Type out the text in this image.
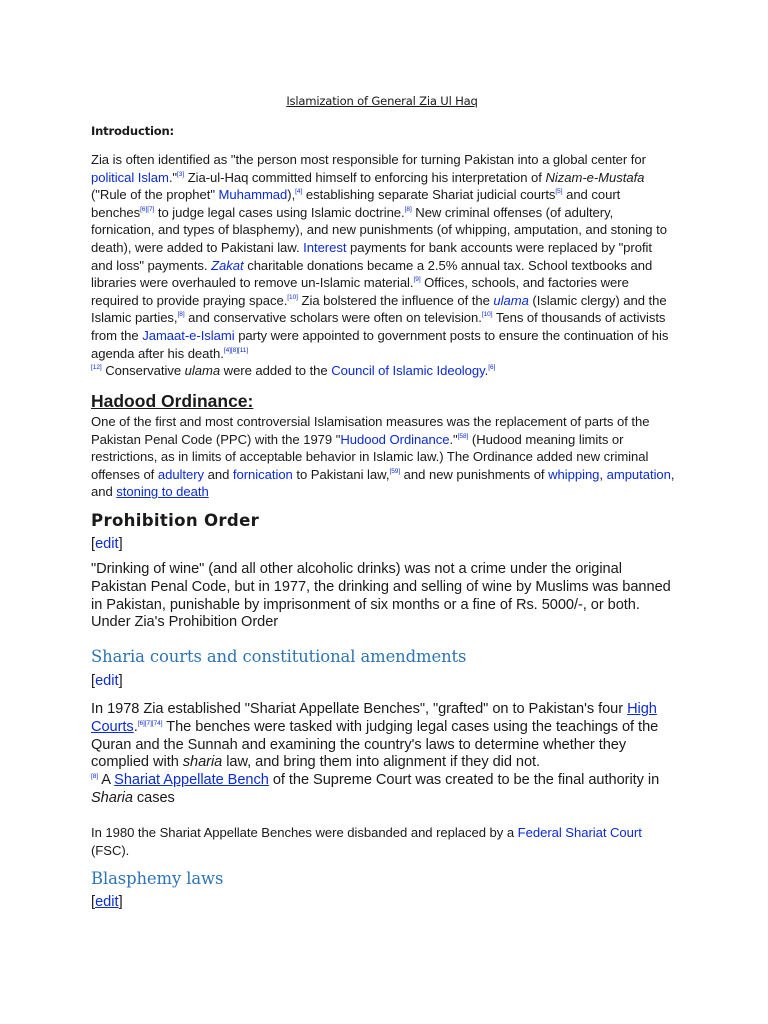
Islamization of General Zia Ul Haq
Introduction:

Zia is often identified as "the person most responsible for turning Pakistan into a global center for political Islam."[3] Zia-ul-Haq committed himself to enforcing his interpretation of Nizam-e-Mustafa ("Rule of the prophet" Muhammad),[4] establishing separate Shariat judicial courts[5] and court benches[6][7] to judge legal cases using Islamic doctrine.[8] New criminal offenses (of adultery, fornication, and types of blasphemy), and new punishments (of whipping, amputation, and stoning to death), were added to Pakistani law. Interest payments for bank accounts were replaced by "profit and loss" payments. Zakat charitable donations became a 2.5% annual tax. School textbooks and libraries were overhauled to remove un-Islamic material.[9] Offices, schools, and factories were required to provide praying space.[10] Zia bolstered the influence of the ulama (Islamic clergy) and the Islamic parties,[8] and conservative scholars were often on television.[10] Tens of thousands of activists from the Jamaat-e-Islami party were appointed to government posts to ensure the continuation of his agenda after his death.[4][8][11]
[12] Conservative ulama were added to the Council of Islamic Ideology.[6]

Hadood Ordinance:

One of the first and most controversial Islamisation measures was the replacement of parts of the Pakistan Penal Code (PPC) with the 1979 "Hudood Ordinance."[58] (Hudood meaning limits or restrictions, as in limits of acceptable behavior in Islamic law.) The Ordinance added new criminal offenses of adultery and fornication to Pakistani law,[59] and new punishments of whipping, amputation, and stoning to death

Prohibition Order

[edit]

"Drinking of wine" (and all other alcoholic drinks) was not a crime under the original Pakistan Penal Code, but in 1977, the drinking and selling of wine by Muslims was banned in Pakistan, punishable by imprisonment of six months or a fine of Rs. 5000/-, or both. Under Zia's Prohibition Order

Sharia courts and constitutional amendments

[edit]

In 1978 Zia established "Shariat Appellate Benches", "grafted" on to Pakistan's four High Courts.[6][7][74] The benches were tasked with judging legal cases using the teachings of the Quran and the Sunnah and examining the country's laws to determine whether they complied with sharia law, and bring them into alignment if they did not.
[8] A Shariat Appellate Bench of the Supreme Court was created to be the final authority in Sharia cases

In 1980 the Shariat Appellate Benches were disbanded and replaced by a Federal Shariat Court (FSC).

Blasphemy laws

[edit]
